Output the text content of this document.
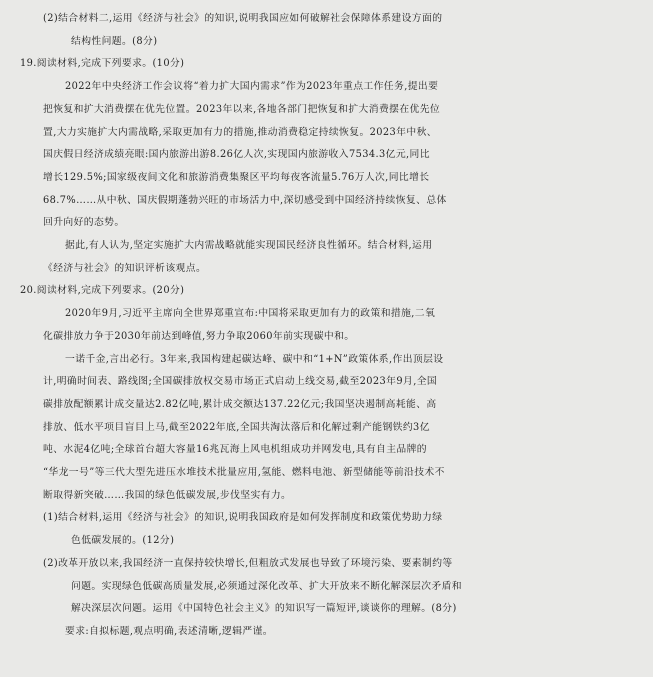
(2)结合材料二,运用《经济与社会》的知识,说明我国应如何破解社会保障体系建设方面的
结构性问题。(8分)
19.阅读材料,完成下列要求。(10分)
2022年中央经济工作会议将“着力扩大国内需求”作为2023年重点工作任务,提出要
把恢复和扩大消费摆在优先位置。2023年以来,各地各部门把恢复和扩大消费摆在优先位
置,大力实施扩大内需战略,采取更加有力的措施,推动消费稳定持续恢复。2023年中秋、
国庆假日经济成绩亮眼:国内旅游出游8.26亿人次,实现国内旅游收入7534.3亿元,同比
增长129.5%;国家级夜间文化和旅游消费集聚区平均每夜客流量5.76万人次,同比增长
68.7%……从中秋、国庆假期蓬勃兴旺的市场活力中,深切感受到中国经济持续恢复、总体
回升向好的态势。
据此,有人认为,坚定实施扩大内需战略就能实现国民经济良性循环。结合材料,运用
《经济与社会》的知识评析该观点。
20.阅读材料,完成下列要求。(20分)
2020年9月,习近平主席向全世界郑重宣布:中国将采取更加有力的政策和措施,二氧
化碳排放力争于2030年前达到峰值,努力争取2060年前实现碳中和。
一诺千金,言出必行。3年来,我国构建起碳达峰、碳中和“1+N”政策体系,作出顶层设
计,明确时间表、路线图;全国碳排放权交易市场正式启动上线交易,截至2023年9月,全国
碳排放配额累计成交量达2.82亿吨,累计成交额达137.22亿元;我国坚决遏制高耗能、高
排放、低水平项目盲目上马,截至2022年底,全国共淘汰落后和化解过剩产能钢铁约3亿
吨、水泥4亿吨;全球首台超大容量16兆瓦海上风电机组成功并网发电,具有自主品牌的
“华龙一号”等三代大型先进压水堆技术批量应用,氢能、燃料电池、新型储能等前沿技术不
断取得新突破……我国的绿色低碳发展,步伐坚实有力。
(1)结合材料,运用《经济与社会》的知识,说明我国政府是如何发挥制度和政策优势助力绿
色低碳发展的。(12分)
(2)改革开放以来,我国经济一直保持较快增长,但粗放式发展也导致了环境污染、要素制约等
问题。实现绿色低碳高质量发展,必须通过深化改革、扩大开放来不断化解深层次矛盾和
解决深层次问题。运用《中国特色社会主义》的知识写一篇短评,谈谈你的理解。(8分)
要求:自拟标题,观点明确,表述清晰,逻辑严谨。
